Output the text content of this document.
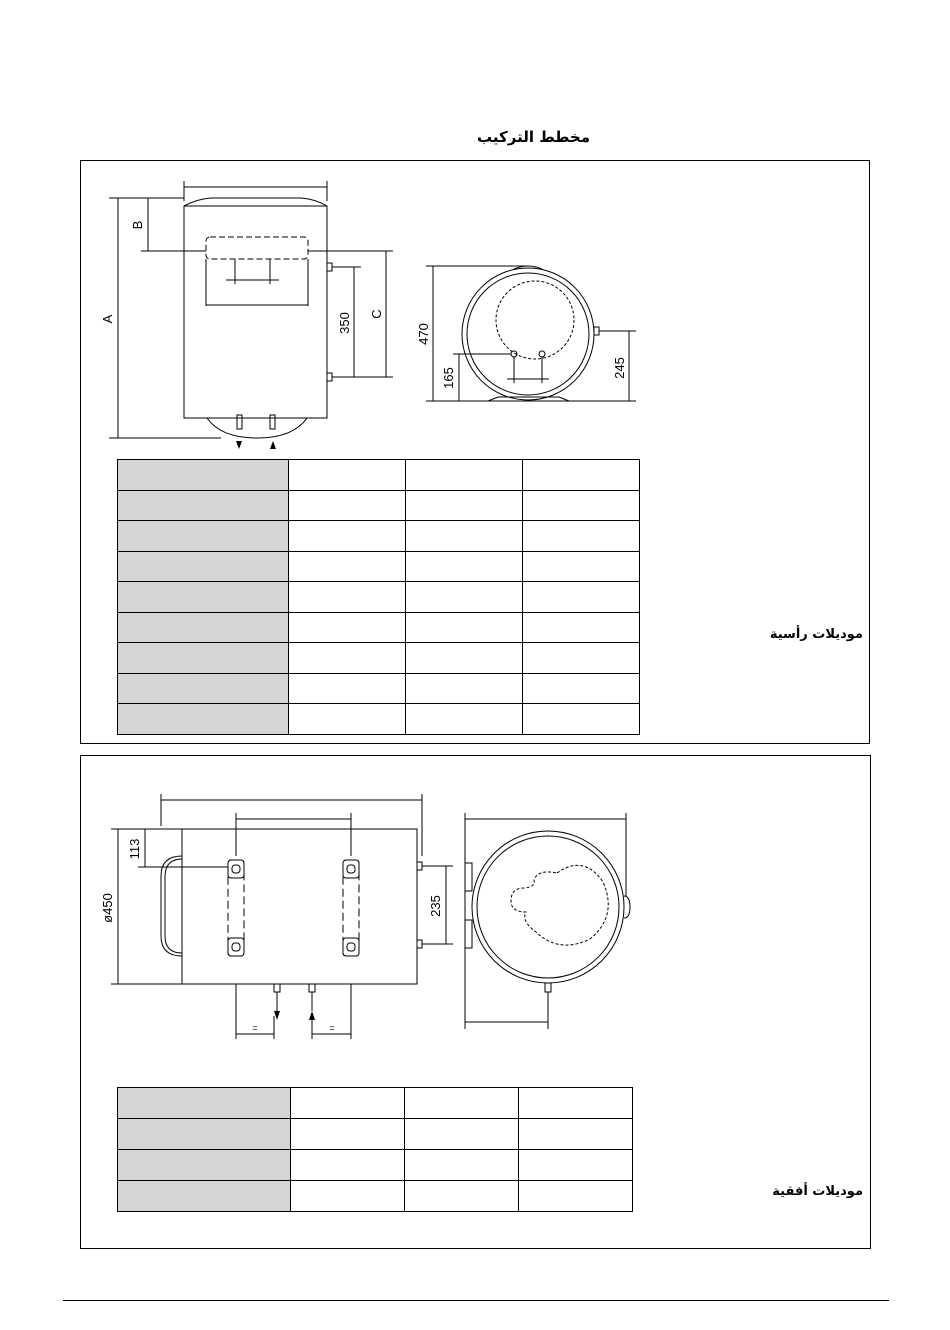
مخطط التركيب
A
B
350 C
470
165	245

موديلات رأسية
=	=
113
ø450	235

موديلات أفقية
